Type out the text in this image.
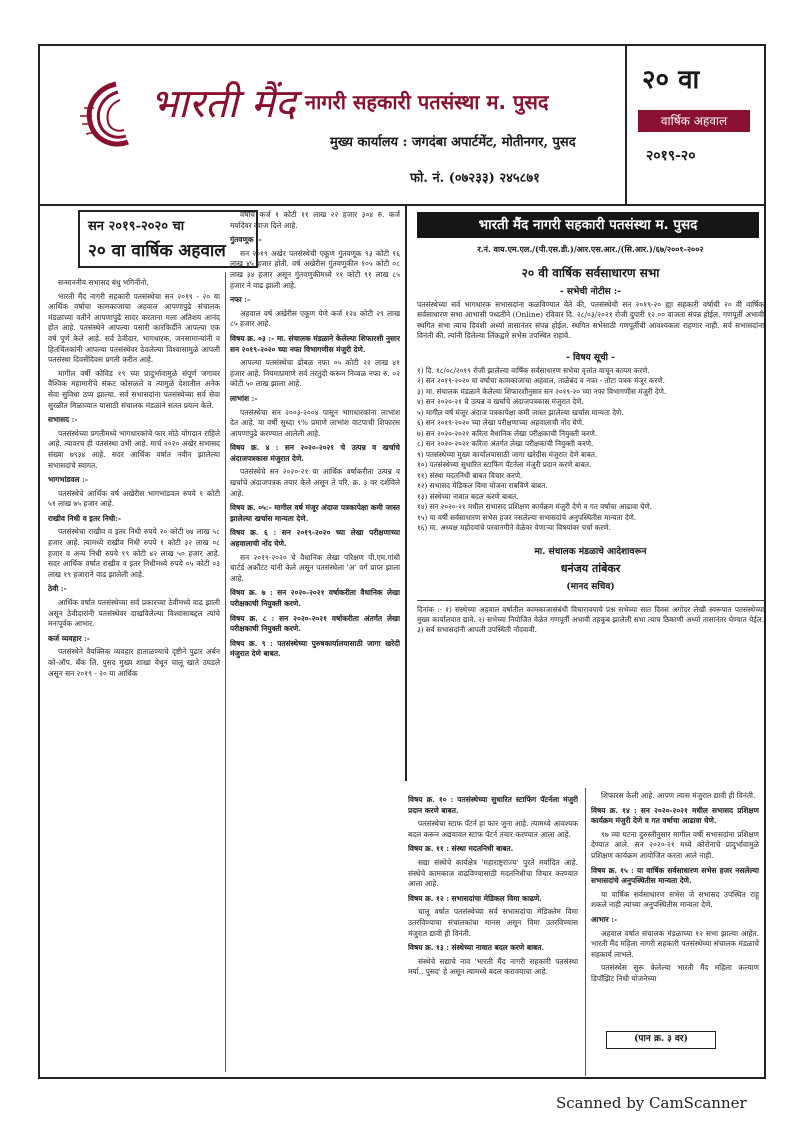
भारती मैंद नागरी सहकारी पतसंस्था म. पुसद
मुख्य कार्यालय : जगदंबा अपार्टमेंट, मोतीनगर, पुसद
फो. नं. (०७२३३) २४५८७१
२० वा
वार्षिक अहवाल
२०१९-२०
सन २०१९-२०२० चा
२० वा वार्षिक अहवाल

सन्माननीय सभासद बंधु भगिनींनो,

भारती मैंद नागरी सहकारी पतसंस्थेचा सन २०१९ - २० या आर्थिक वर्षाचा कामकाजाचा अहवाल आपणापुढे संचालक मंडळाच्या वतीने आपणापुढे सादर करताना मला अतिशय आनंद होत आहे. पतसंस्थेने आपल्या पसारी कारकिर्दीने आपल्या एक वर्ष पूर्ण केले आहे. सर्व ठेवीदार, भागधारक, जनसामान्यांनी व हितचिंतकांनी आपल्या पतसंस्थेवर ठेवलेल्या विश्वासामुळे आपली पतसंस्था दिवसेंदिवस प्रगती करीत आहे.

मागील वर्षी कोविड १९ च्या प्रादुर्भावामुळे संपूर्ण जगावर वैश्विक महामारीचे संकट कोसळले व त्यामुळे देशातील अनेक सेवा सुविधा ठप्प झाल्या. सर्व सभासदांना पतसंस्थेच्या सर्व सेवा सुरळीत मिळाव्यात यासाठी संचालक मंडळाने सतत प्रयत्न केले.

सभासद :-

पतसंस्थेच्या प्रगतीमध्ये भागधारकांचे फार मोठे योगदान राहिले आहे. त्यावरच ही पतसंस्था उभी आहे. मार्च २०२० अखेर सभासद संख्या ७९३४ आहे. सदर आर्थिक वर्षात नवीन झालेल्या सभासदांचे स्वागत.

भागभांडवल :-

पतसंस्थेचे आर्थिक वर्ष अखेरीस भागभांडवल रुपये १ कोटी ५१ लाख ७५ हजार आहे.

राखीव निधी व इतर निधी:-

पतसंस्थेचा राखीव व इतर निधी रुपये २० कोटी ७४ लाख ५८ हजार आहे. त्यामध्ये राखीव निधी रुपये १ कोटी ३२ लाख ०८ हजार व अन्य निधी रुपये १९ कोटी ४२ लाख ५० हजार आहे. सदर आर्थिक वर्षात राखीव व इतर निधीमध्ये रुपये ०५ कोटी ०३ लाख १९ हजाराने वाढ झालेली आहे.

ठेवी :-

आर्थिक वर्षात पतसंस्थेच्या सर्व प्रकारच्या ठेवीमध्ये वाढ झाली असून ठेवीदारांनी पतसंस्थेवर दाखविलेल्या विश्वासाबद्दल त्यांचे मनःपूर्वक आभार.

कर्ज व्यवहार :-

पतसंस्थेने वैयक्तिक व्यवहार हाताळण्याचे दृष्टीने पुढार अर्बन को-ऑप. बँक लि. पुसद मुख्य शाखा येथून चालू खाते उघडले असून सन २०१९ - २० या आर्थिक

वर्षाचे कर्ज १ कोटी ११ लाख २२ हजार ३०४ रु. कर्ज मर्यादेवर व्याज दिले आहे.

गुंतवणूक :-

सन २०१९ अखेर पतसंस्थेची एकूण गुंतवणूक ९३ कोटी १६ लाख ४५ हजार होती. वर्ष अखेरीस गुंतवणुकीत १०५ कोटी ०८ लाख ३४ हजार असून गुंतवणुकीमध्ये ११ कोटी ९१ लाख ८५ हजार ने वाढ झाली आहे.

नफा :-

अहवाल वर्ष अखेरीस एकूण येणे कर्ज १२४ कोटी २९ लाख ८५ हजार आहे.

विषय क्र. ०३ :- मा. संचालक मंडळाने केलेल्या शिफारशी नुसार सन २०१९-२०२० च्या नफा विभागणीस मंजुरी देणे.

आपल्या पतसंस्थेचा ढोबळ नफा ०५ कोटी २२ लाख ४१ हजार आहे. नियमाप्रमाणे सर्व तरतुदी करून निव्वळ नफा रु. ०२ कोटी ५० लाख झाला आहे.

लाभांश :-

पतसंस्थेचा सन २००३-२००४ पासून भागधारकांना लाभांश देत आहे. या वर्षी सुध्दा ९% प्रमाणे लाभांश वाटपाची शिफारस आपणापुढे करण्यात आलेली आहे.

विषय क्र. ४ : सन २०२०-२०२१ चे उत्पन्न व खर्चाचे अंदाजपत्रकास मंजुरात देणे.

पतसंस्थेचे सन २०२०-२१ या आर्थिक वर्षाकरीता उत्पन्न व खर्चाचे अंदाजपत्रक तयार केले असून ते परि. क्र. ३ वर दर्शविले आहे.

विषय क्र. ०५:- मागील वर्ष मंजूर अंदाज पत्रकापेक्षा कमी जास्त झालेल्या खर्चास मान्यता देणे.

विषय क्र. ६ : सन २०१९-२०२० च्या लेखा परीक्षणाच्या अहवालाची नोंद घेणे.

सन २०१९-२०२० चे वैधानिक लेखा परिक्षण पी.एम.गांधी चार्टर्ड अकौंटंट यांनी केले असून पतसंस्थेला 'अ' वर्ग प्राप्त झाला आहे.

विषय क्र. ७ : सन २०२०-२०२१ वर्षाकरीता वैधानिक लेखा परीक्षकाची नियुक्ती करणे.

विषय क्र. ८ : सन २०२०-२०२१ वर्षाकरीता अंतर्गत लेखा परीक्षकाची नियुक्ती करणे.

विषय क्र. ९ : पतसंस्थेच्या पुरुषकार्यालयासाठी जागा खरेदी मंजुरात देणे बाबत.

भारती मैंद नागरी सहकारी पतसंस्था म. पुसद
र.नं. वाय.एम.एल./(पी.एस.डी.)/आर.एस.आर./(सि.आर.)/६७/२००१-२००२
२० वी वार्षिक सर्वसाधारण सभा
- सभेची नोटीस :-
पतसंस्थेच्या सर्व भागधारक सभासदांना कळविण्यात येते की, पतसंस्थेची सन २०१९-२० ह्या सहकारी वर्षाची २० वी वार्षिक सर्वसाधारण सभा आभासी पध्दतीने (Online) रविवार दि. २८/०३/२०२१ रोजी दुपारी १२.०० वाजता संपन्न होईल. गणपूर्ती अभावी स्थगित सभा त्याच दिवशी अर्ध्या तासानंतर संपन्न होईल. स्थगित सभेसाठी गणपूर्तीची आवश्यकता राहणार नाही. सर्व सभासदांना विनंती की, त्यांनी दिलेल्या लिंकद्वारे सभेस उपस्थित राहावे.
- विषय सूची -
१) दि. १८/०८/२०१९ रोजी झालेल्या वार्षिक सर्वसाधारण सभेचा वृत्तांत वाचून कायम करणे.
२) सन २०१९-२०२० या वर्षाचा कामकाजाचा अहवाल, ताळेबंद व नफा - तोटा पत्रक मंजूर करणे.
३) मा. संचालक मंडळाने केलेल्या शिफारशीनुसार सन २०१९-२० च्या नफा विभागणीस मंजुरी देणे.
४) सन २०२०-२१ चे उत्पन्न व खर्चाचे अंदाजपत्रकास मंजुरात देणे.
५) मागील वर्ष मंजूर अंदाज पत्रकापेक्षा कमी जास्त झालेल्या खर्चास मान्यता देणे.
६) सन २०१९-२०२० च्या लेखा परीक्षणाच्या अहवालाची नोंद घेणे.
७) सन २०२०-२०२१ करिता वैधानिक लेखा परीक्षकाची नियुक्ती करणे.
८) सन २०२०-२०२१ करिता अंतर्गत लेखा परीक्षकाची नियुक्ती करणे.
९) पतसंस्थेच्या मुख्य कार्यालयासाठी जागा खरेदीस मंजुरात देणे बाबत.
१०) पतसंस्थेच्या सुधारित स्टाफिंग पॅटर्नला मंजुरी प्रदान करणे बाबत.
११) संस्था मदतनिधी बाबत विचार करणे.
१२) सभासद मेडिकल विमा योजना राबविणे बाबत.
१३) संस्थेच्या नावात बदल करणे बाबत.
१४) सन २०२०-२१ मधील सभासद प्रशिक्षण कार्यक्रम मंजुरी देणे व गत वर्षाचा आढावा घेणे.
१५) या वर्षी सर्वसाधारण सभेस हजर नसलेल्या सभासदांचे अनुपस्थितीस मान्यता देणे.
१६) मा. अध्यक्ष महोदयांचे परवानगीने वेळेवर येणाऱ्या विषयांवर चर्चा करणे.
मा. संचालक मंडळाचे आदेशावरून
धनंजय तांबेकर
(मानद सचिव)
दिनांक :- १) संस्थेच्या अहवाल वर्षातील कामकाजासंबंधी विचारावयाचे प्रश्न सभेच्या सात दिवस अगोदर लेखी स्वरूपात पतसंस्थेच्या मुख्य कार्यालयात द्यावे. २) सभेच्या नियोजित वेळेत गणपूर्ती अभावी तहकूब झालेली सभा त्याच ठिकाणी अर्ध्या तासानंतर घेण्यात येईल. ३) सर्व सभासदांनी आपली उपस्थिती नोंदवावी.

विषय क्र. १० : पतसंस्थेच्या सुधारित स्टाफिंग पॅटर्नला मंजुरी प्रदान करणे बाबत.

पतसंस्थेचा स्टाफ पॅटर्न हा फार जुना आहे. त्यामध्ये आवश्यक बदल करून अद्ययावत स्टाफ पॅटर्न तयार करण्यात आला आहे.

विषय क्र. ११ : संस्था मदतनिधी बाबत.

सद्या संस्थेचे कार्यक्षेत्र 'महाराष्ट्रराज्य' पुरते मर्यादित आहे. संस्थेचे कामकाज वाढविण्यासाठी मदतनिधीचा विचार करण्यात आला आहे.

विषय क्र. १२ : सभासदांचा मेडिकल विमा काढणे.

चालू वर्षात पतसंस्थेच्या सर्व सभासदांचा मेडिक्लेम विमा उतरविण्याचा संचालकांचा मानस असून विमा उतरविण्यास मंजुरात द्यावी ही विनंती.

विषय क्र. १३ : संस्थेच्या नावात बदल करणे बाबत.

संस्थेचे सद्याचे नाव 'भारती मैंद नागरी सहकारी पतसंस्था मर्या., पुसद' हे असून त्यामध्ये बदल करावयाचा आहे.

शिफारस केली आहे. आपण त्यास मंजुरात द्यावी ही विनंती.

विषय क्र. १४ : सन २०२०-२०२१ मधील सभासद प्रशिक्षण कार्यक्रम मंजुरी देणे व गत वर्षाचा आढावा घेणे.

९७ व्या घटना दुरुस्तीनुसार मागील वर्षी सभासदांना प्रशिक्षण देण्यात आले. सन २०२०-२१ मध्ये कोरोनाचे प्रादुर्भावामुळे प्रशिक्षण कार्यक्रम आयोजित करता आले नाही.

विषय क्र. १५ : या वार्षिक सर्वसाधारण सभेस हजर नसलेल्या सभासदांचे अनुपस्थितीस मान्यता देणे.

या वार्षिक सर्वसाधारण सभेस जे सभासद उपस्थित राहू शकले नाही त्यांच्या अनुपस्थितीस मान्यता देणे.

आभार :-

अहवाल वर्षात संचालक मंडळाच्या १२ सभा झाल्या आहेत. भारती मैंद महिला नागरी सहकारी पतसंस्थेच्या संचालक मंडळाचे सहकार्य लाभले.

पतसंस्थेस सुरू केलेल्या भारती मैंद महिला कल्याण डिपॉझिट निधी योजनेच्या

(पान क्र. ३ वर)
Scanned by CamScanner
